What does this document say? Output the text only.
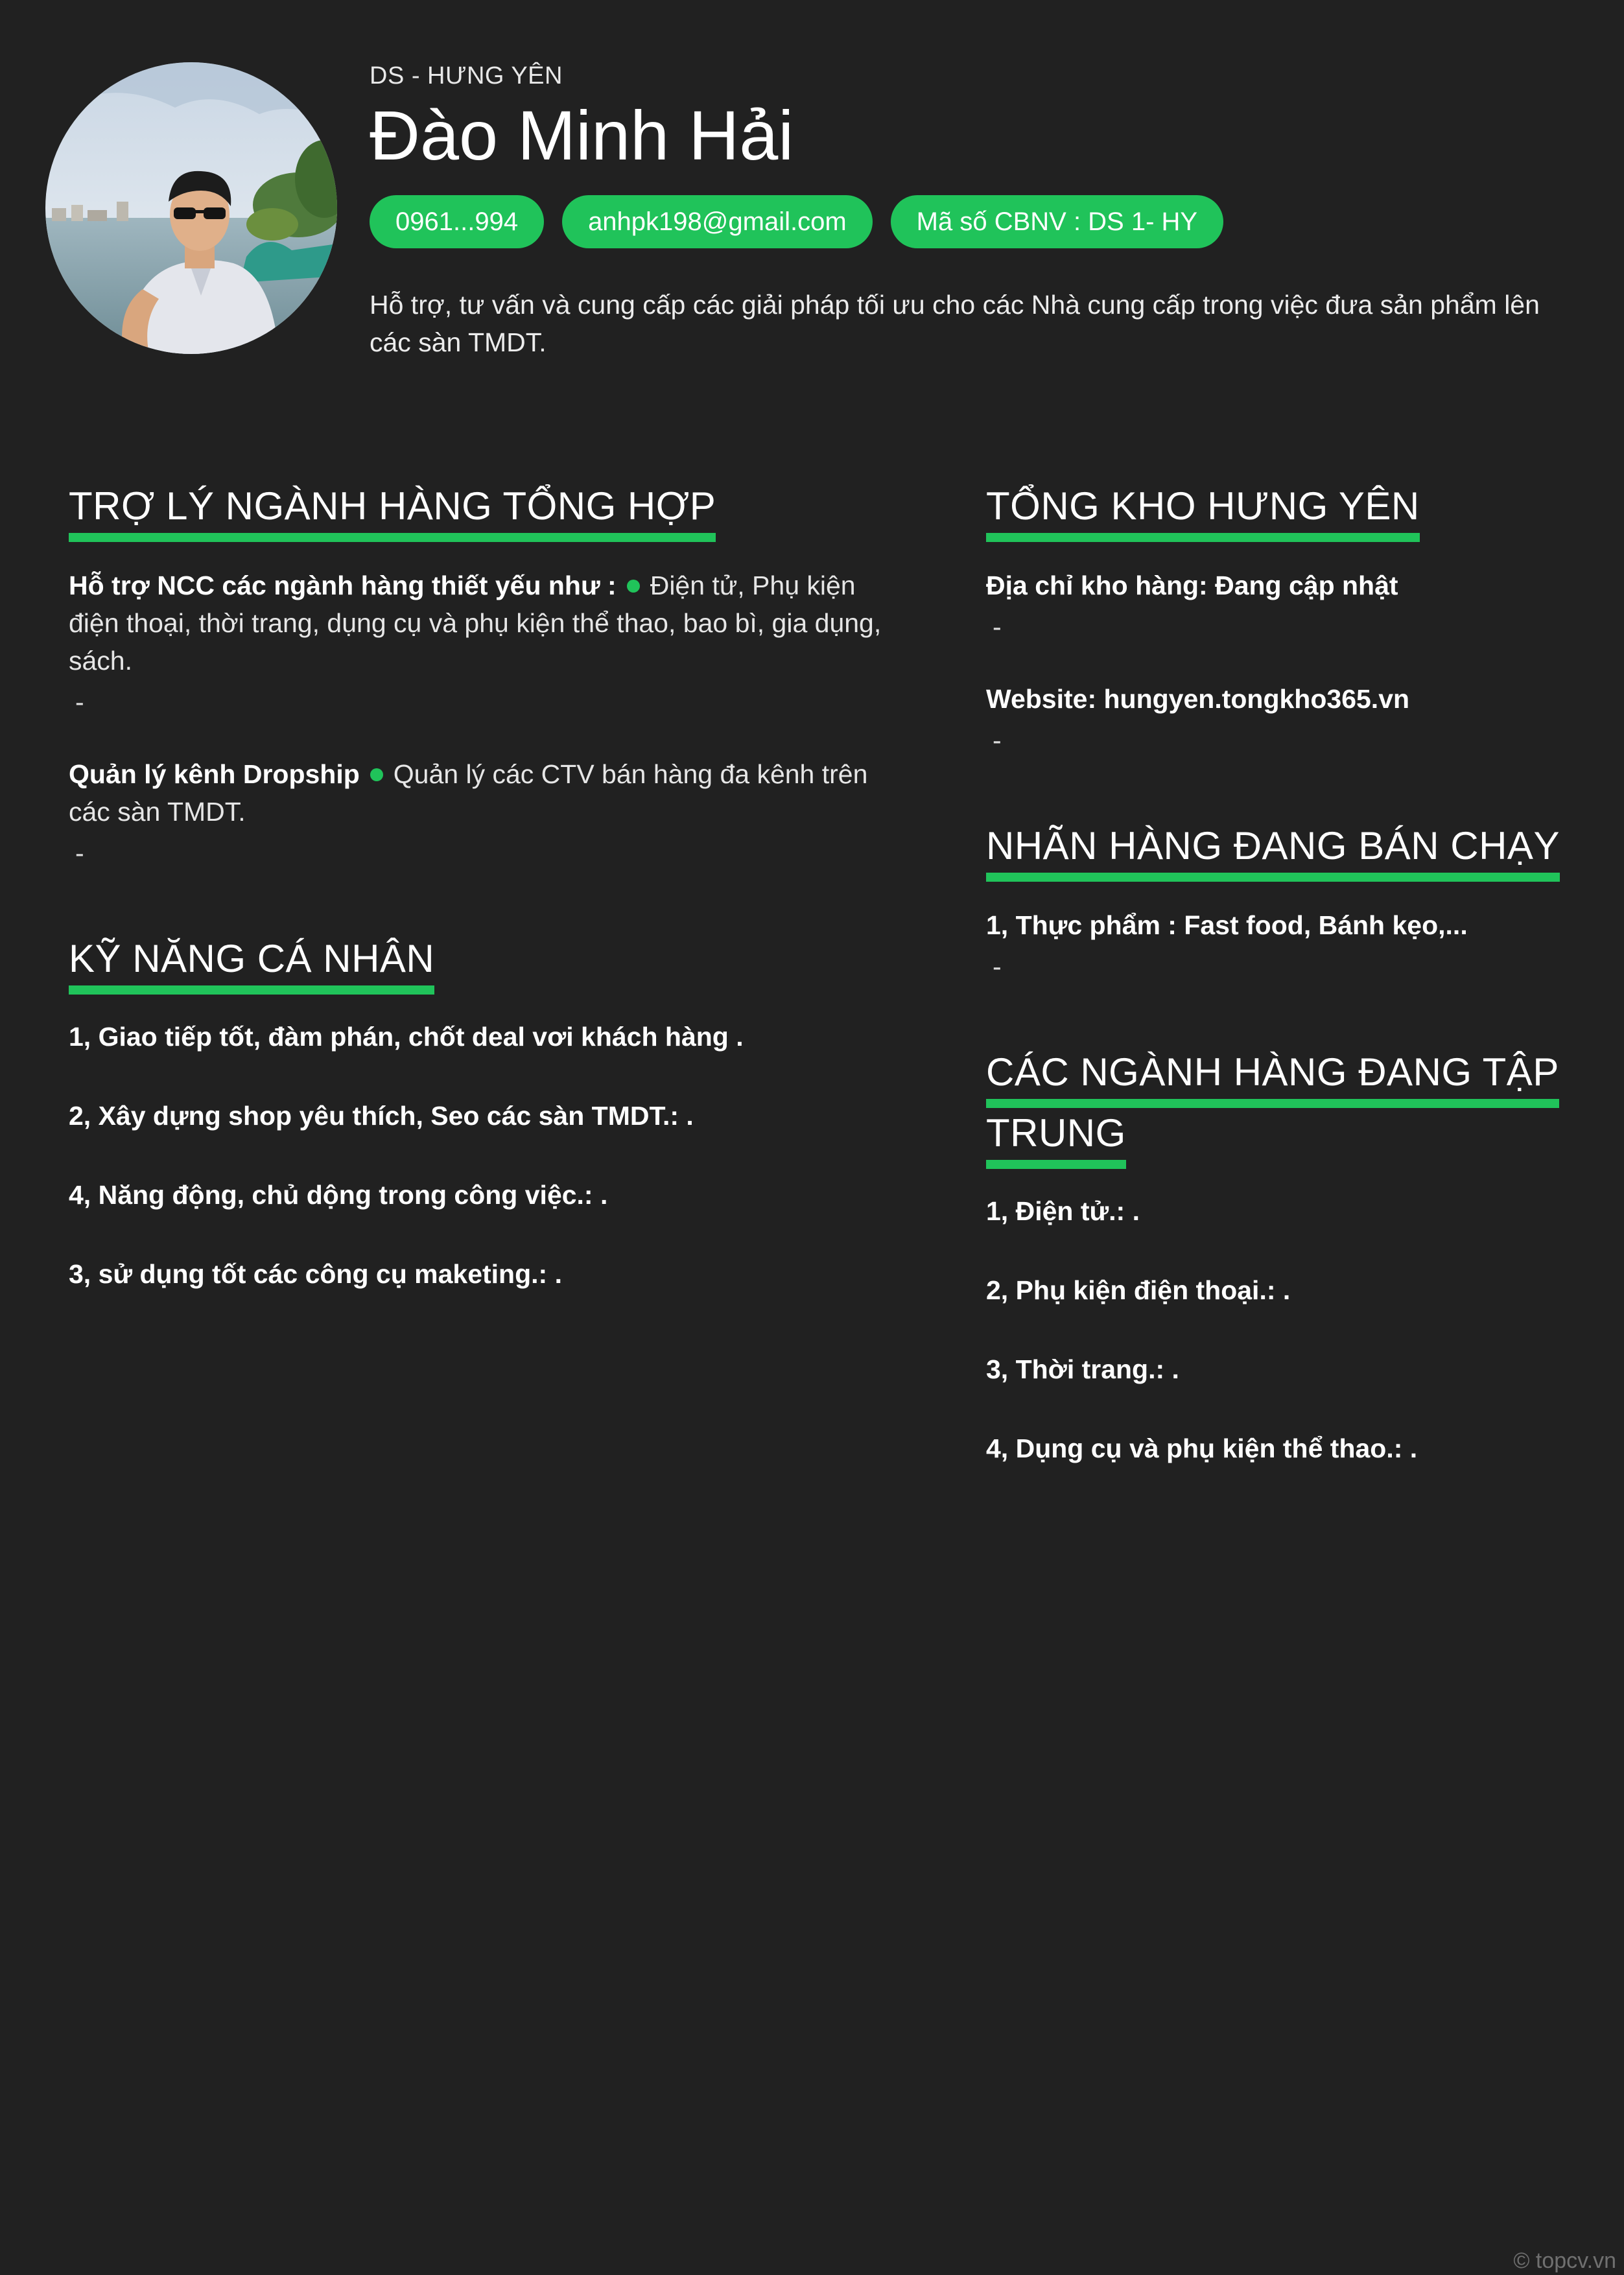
DS - HƯNG YÊN
Đào Minh Hải
0961...994	anhpk198@gmail.com	Mã số CBNV : DS 1- HY
Hỗ trợ, tư vấn và cung cấp các giải pháp tối ưu cho các Nhà cung cấp trong việc đưa sản phẩm lên các sàn TMDT.
TRỢ LÝ NGÀNH HÀNG TỔNG HỢP
Hỗ trợ NCC các ngành hàng thiết yếu như : Điện tử, Phụ kiện điện thoại, thời trang, dụng cụ và phụ kiện thể thao, bao bì, gia dụng, sách.
-
Quản lý kênh Dropship Quản lý các CTV bán hàng đa kênh trên các sàn TMDT.
-
KỸ NĂNG CÁ NHÂN
1, Giao tiếp tốt, đàm phán, chốt deal vơi khách hàng .
2, Xây dựng shop yêu thích, Seo các sàn TMDT.: .
4, Năng động, chủ dộng trong công việc.: .
3, sử dụng tốt các công cụ maketing.: .
TỔNG KHO HƯNG YÊN
Địa chỉ kho hàng: Đang cập nhật
-
Website: hungyen.tongkho365.vn
-
NHÃN HÀNG ĐANG BÁN CHẠY
1, Thực phẩm : Fast food, Bánh kẹo,...
-
CÁC NGÀNH HÀNG ĐANG TẬP
TRUNG
1, Điện tử.: .
2, Phụ kiện điện thoại.: .
3, Thời trang.: .
4, Dụng cụ và phụ kiện thể thao.: .
© topcv.vn
